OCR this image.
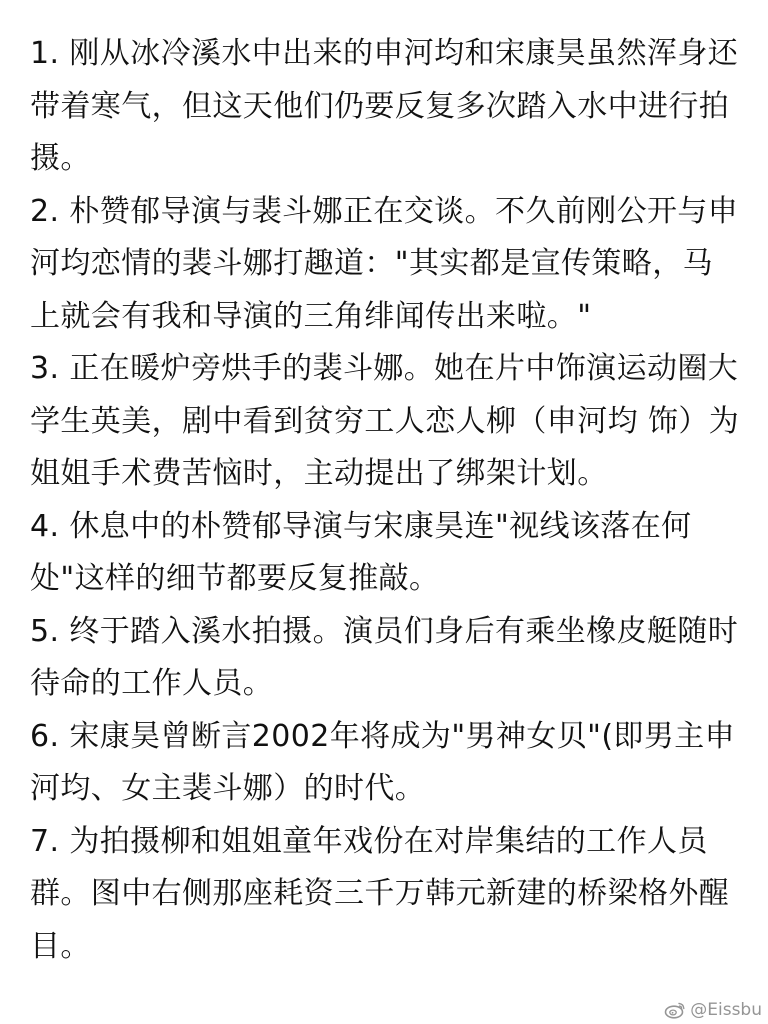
1. 刚从冰冷溪水中出来的申河均和宋康昊虽然浑身还带着寒气，但这天他们仍要反复多次踏入水中进行拍摄。

2. 朴赞郁导演与裴斗娜正在交谈。不久前刚公开与申河均恋情的裴斗娜打趣道："其实都是宣传策略，马上就会有我和导演的三角绯闻传出来啦。"

3. 正在暖炉旁烘手的裴斗娜。她在片中饰演运动圈大学生英美，剧中看到贫穷工人恋人柳（申河均 饰）为姐姐手术费苦恼时，主动提出了绑架计划。

4. 休息中的朴赞郁导演与宋康昊连"视线该落在何处"这样的细节都要反复推敲。

5. 终于踏入溪水拍摄。演员们身后有乘坐橡皮艇随时待命的工作人员。

6. 宋康昊曾断言2002年将成为"男神女贝"(即男主申河均、女主裴斗娜）的时代。

7. 为拍摄柳和姐姐童年戏份在对岸集结的工作人员群。图中右侧那座耗资三千万韩元新建的桥梁格外醒目。

@Eissbu
